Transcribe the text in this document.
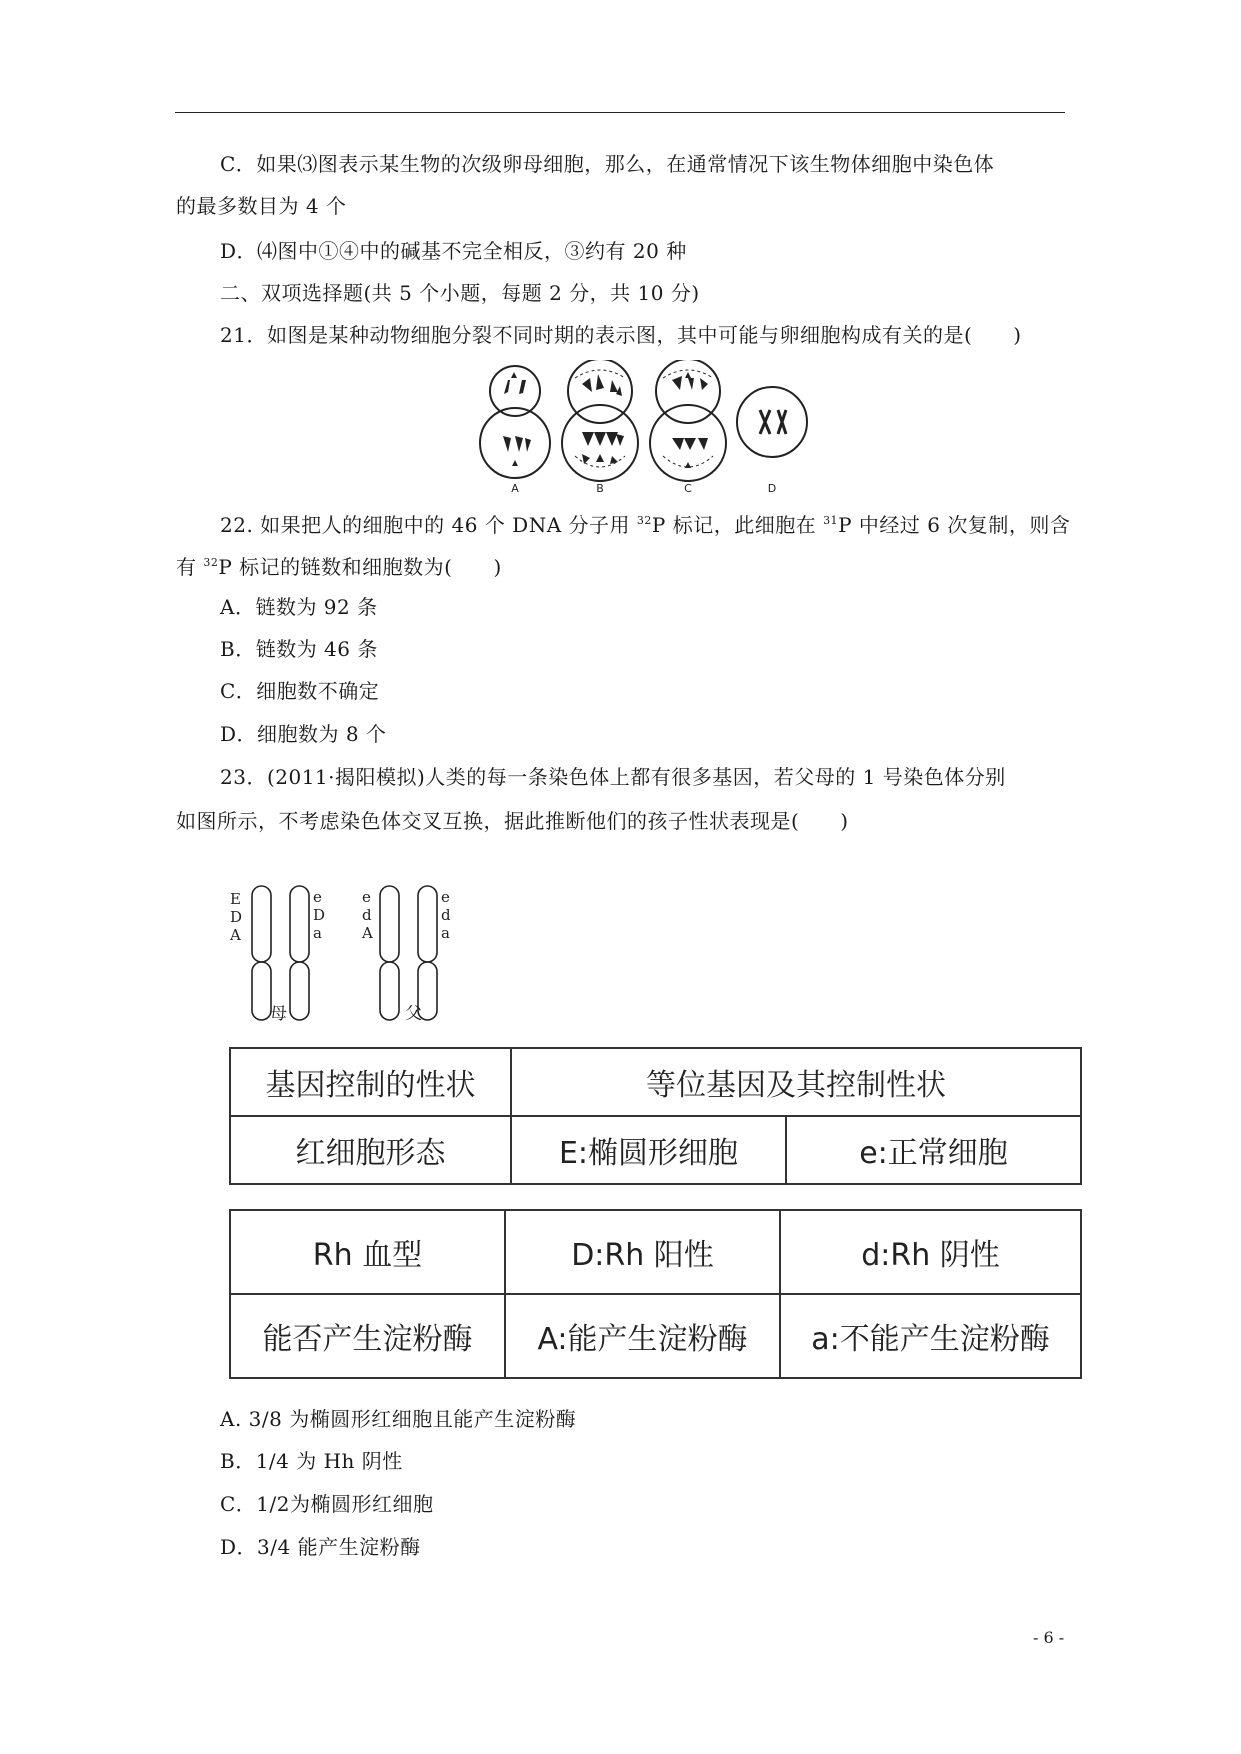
C．如果⑶图表示某生物的次级卵母细胞，那么，在通常情况下该生物体细胞中染色体
的最多数目为 4 个
D．⑷图中①④中的碱基不完全相反，③约有 20 种
二、双项选择题(共 5 个小题，每题 2 分，共 10 分)
21．如图是某种动物细胞分裂不同时期的表示图，其中可能与卵细胞构成有关的是(　　)
A	B	C	D
22. 如果把人的细胞中的 46 个 DNA 分子用 $^{32}$P 标记，此细胞在 $^{31}$P 中经过 6 次复制，则含
有 $^{32}$P 标记的链数和细胞数为(　　)
A．链数为 92 条
B．链数为 46 条
C．细胞数不确定
D．细胞数为 8 个
23．(2011·揭阳模拟)人类的每一条染色体上都有很多基因，若父母的 1 号染色体分别
如图所示，不考虑染色体交叉互换，据此推断他们的孩子性状表现是(　　)
E
D
A
e
D
a
e
d
A
e
d
a
母	父
基因控制的性状	等位基因及其控制性状	
红细胞形态	E:椭圆形细胞	e:正常细胞
Rh 血型	D:Rh 阳性	d:Rh 阴性
能否产生淀粉酶	A:能产生淀粉酶	a:不能产生淀粉酶
A. 3/8 为椭圆形红细胞且能产生淀粉酶
B．1/4 为 Hh 阴性
C．1/2为椭圆形红细胞
D．3/4 能产生淀粉酶
- 6 -
